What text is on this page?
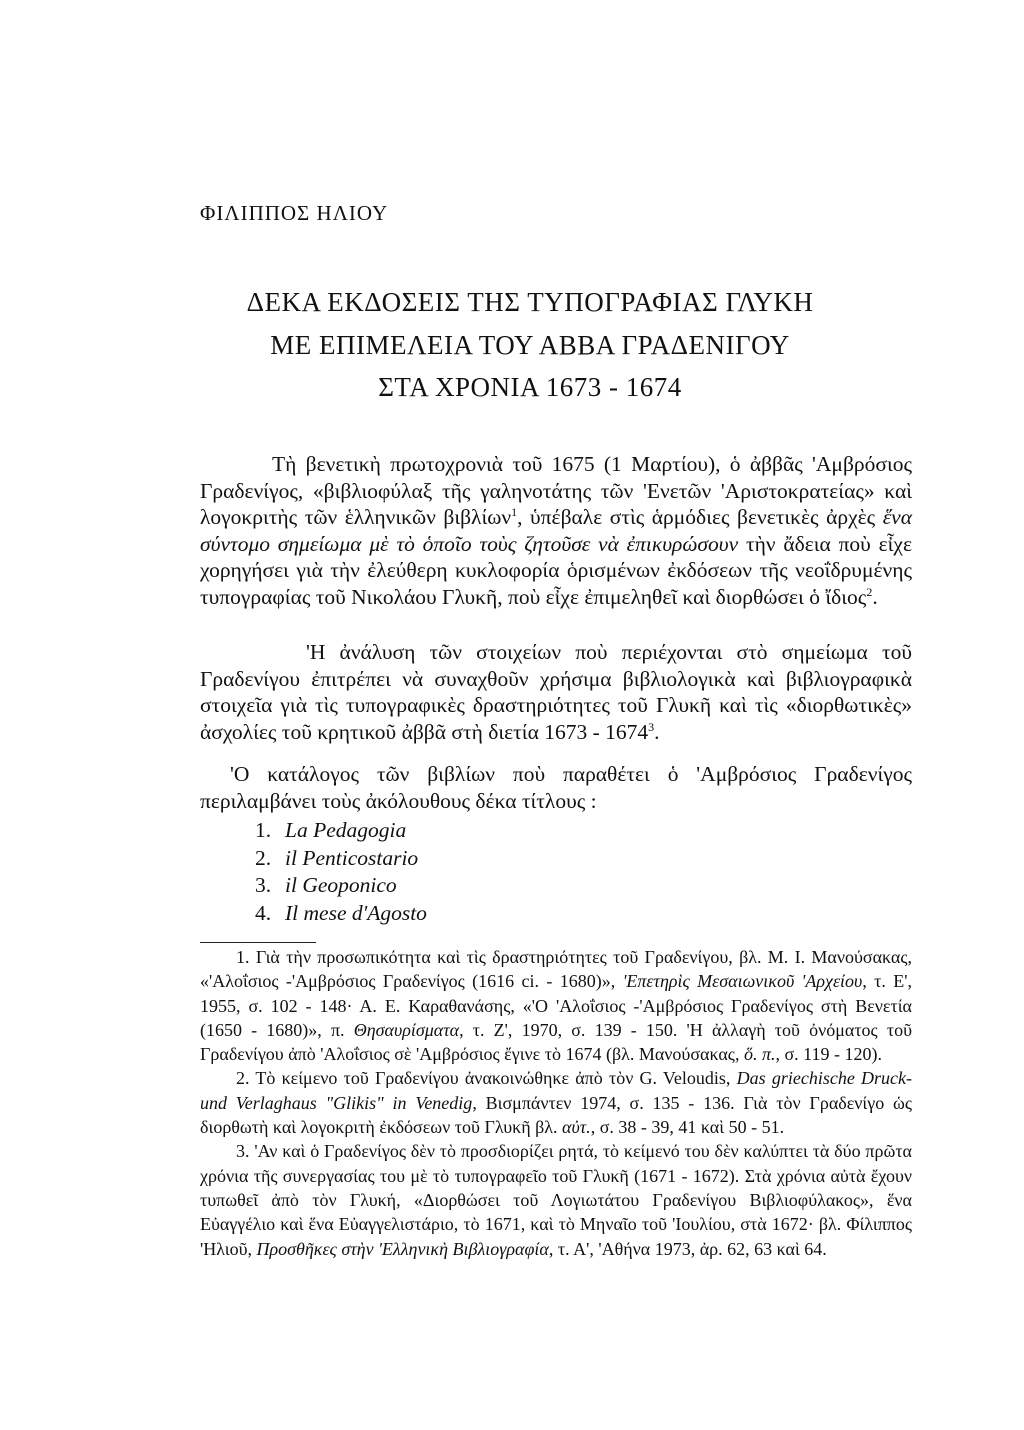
ΦΙΛΙΠΠΟΣ ΗΛΙΟΥ
ΔΕΚΑ ΕΚΔΟΣΕΙΣ ΤΗΣ ΤΥΠΟΓΡΑΦΙΑΣ ΓΛΥΚΗ
ΜΕ ΕΠΙΜΕΛΕΙΑ ΤΟΥ ΑΒΒΑ ΓΡΑΔΕΝΙΓΟΥ
ΣΤΑ ΧΡΟΝΙΑ 1673 - 1674
Τὴ βενετικὴ πρωτοχρονιὰ τοῦ 1675 (1 Μαρτίου), ὁ ἀββᾶς 'Αμβρόσιος Γραδενίγος, «βιβλιοφύλαξ τῆς γαληνοτάτης τῶν 'Ενετῶν 'Αριστοκρατείας» καὶ λογοκριτὴς τῶν ἑλληνικῶν βιβλίων$^1$, ὑπέβαλε στὶς ἁρμόδιες βενετικὲς ἀρχὲς ἕνα σύντομο σημείωμα μὲ τὸ ὁποῖο τοὺς ζητοῦσε νὰ ἐπικυρώσουν τὴν ἄδεια ποὺ εἶχε χορηγήσει γιὰ τὴν ἐλεύθερη κυκλοφορία ὁρισμένων ἐκδόσεων τῆς νεοΐδρυμένης τυπογραφίας τοῦ Νικολάου Γλυκῆ, ποὺ εἶχε ἐπιμεληθεῖ καὶ διορθώσει ὁ ἴδιος$^2$.
'Η ἀνάλυση τῶν στοιχείων ποὺ περιέχονται στὸ σημείωμα τοῦ Γραδενίγου ἐπιτρέπει νὰ συναχθοῦν χρήσιμα βιβλιολογικὰ καὶ βιβλιογραφικὰ στοιχεῖα γιὰ τὶς τυπογραφικὲς δραστηριότητες τοῦ Γλυκῆ καὶ τὶς «διορθωτικὲς» ἀσχολίες τοῦ κρητικοῦ ἀββᾶ στὴ διετία 1673 - 1674$^3$.
'Ο κατάλογος τῶν βιβλίων ποὺ παραθέτει ὁ 'Αμβρόσιος Γραδενίγος περιλαμβάνει τοὺς ἀκόλουθους δέκα τίτλους :
1. La Pedagogia
2. il Penticostario
3. il Geoponico
4. Il mese d'Agosto

1. Γιὰ τὴν προσωπικότητα καὶ τὶς δραστηριότητες τοῦ Γραδενίγου, βλ. Μ. Ι. Μανούσακας, «'Αλοΐσιος -'Αμβρόσιος Γραδενίγος (1616 ci. - 1680)», 'Επετηρὶς Μεσαιωνικοῦ 'Αρχείου, τ. Ε', 1955, σ. 102 - 148· Α. Ε. Καραθανάσης, «'Ο 'Αλοΐσιος -'Αμβρόσιος Γραδενίγος στὴ Βενετία (1650 - 1680)», π. Θησαυρίσματα, τ. Ζ', 1970, σ. 139 - 150. 'Η ἀλλαγὴ τοῦ ὀνόματος τοῦ Γραδενίγου ἀπὸ 'Αλοΐσιος σὲ 'Αμβρόσιος ἔγινε τὸ 1674 (βλ. Μανούσακας, ὅ. π., σ. 119 - 120).

2. Τὸ κείμενο τοῦ Γραδενίγου ἀνακοινώθηκε ἀπὸ τὸν G. Veloudis, Das griechische Druck- und Verlaghaus "Glikis" in Venedig, Βισμπάντεν 1974, σ. 135 - 136. Γιὰ τὸν Γραδενίγο ὡς διορθωτὴ καὶ λογοκριτὴ ἐκδόσεων τοῦ Γλυκῆ βλ. αὐτ., σ. 38 - 39, 41 καὶ 50 - 51.

3. 'Αν καὶ ὁ Γραδενίγος δὲν τὸ προσδιορίζει ρητά, τὸ κείμενό του δὲν καλύπτει τὰ δύο πρῶτα χρόνια τῆς συνεργασίας του μὲ τὸ τυπογραφεῖο τοῦ Γλυκῆ (1671 - 1672). Στὰ χρόνια αὐτὰ ἔχουν τυπωθεῖ ἀπὸ τὸν Γλυκή, «Διορθώσει τοῦ Λογιωτάτου Γραδενίγου Βιβλιοφύλακος», ἕνα Εὐαγγέλιο καὶ ἕνα Εὐαγγελιστάριο, τὸ 1671, καὶ τὸ Μηναῖο τοῦ 'Ιουλίου, στὰ 1672· βλ. Φίλιππος 'Ηλιοῦ, Προσθῆκες στὴν 'Ελληνικὴ Βιβλιογραφία, τ. Α', 'Αθήνα 1973, ἀρ. 62, 63 καὶ 64.
